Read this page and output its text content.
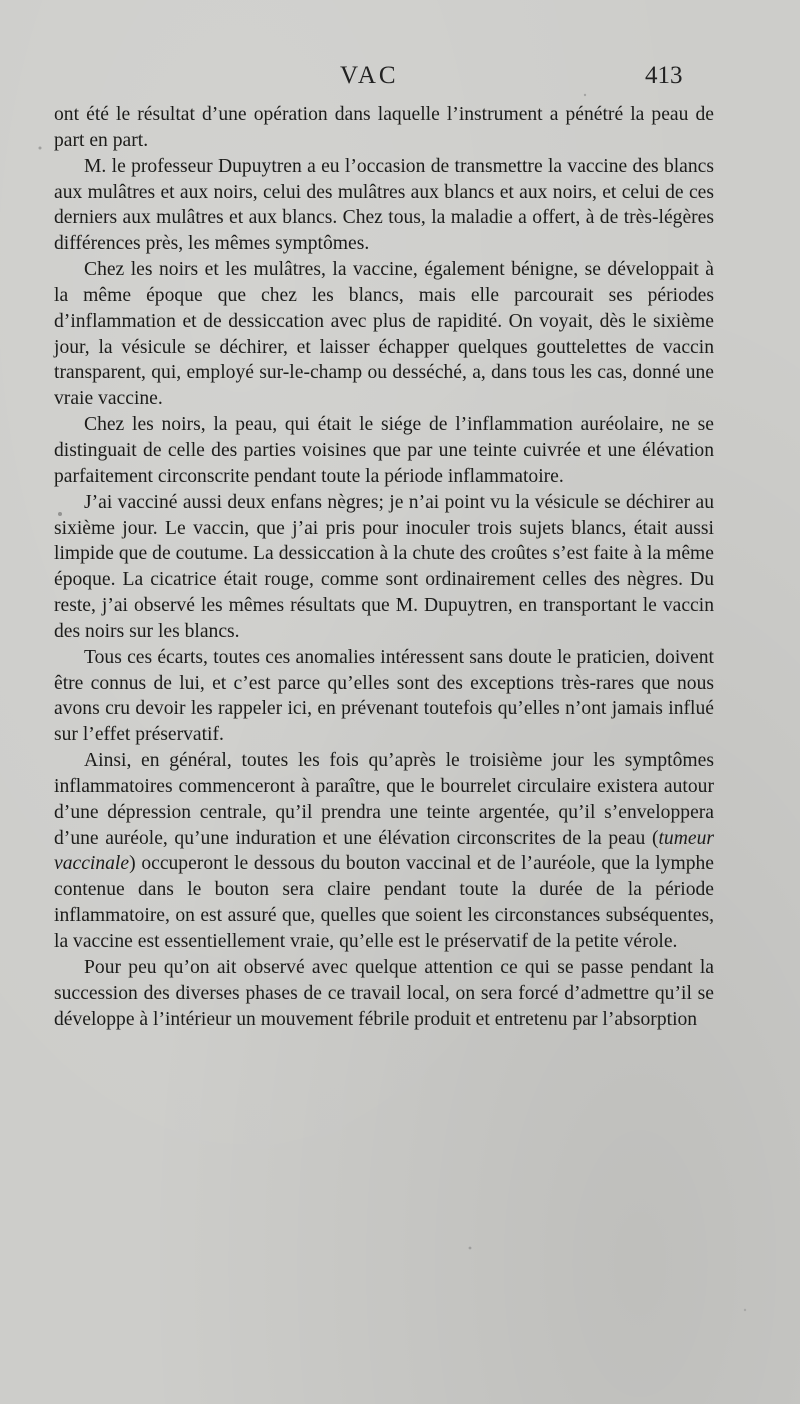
VAC	413

ont été le résultat d’une opération dans laquelle l’instrument a pénétré la peau de part en part.

M. le professeur Dupuytren a eu l’occasion de transmettre la vaccine des blancs aux mulâtres et aux noirs, celui des mulâtres aux blancs et aux noirs, et celui de ces derniers aux mulâtres et aux blancs. Chez tous, la maladie a offert, à de très-légères différences près, les mêmes symptômes.

Chez les noirs et les mulâtres, la vaccine, également bénigne, se développait à la même époque que chez les blancs, mais elle parcourait ses périodes d’inflammation et de dessiccation avec plus de rapidité. On voyait, dès le sixième jour, la vésicule se déchirer, et laisser échapper quelques gouttelettes de vaccin transparent, qui, employé sur-le-champ ou desséché, a, dans tous les cas, donné une vraie vaccine.

Chez les noirs, la peau, qui était le siége de l’inflammation auréolaire, ne se distinguait de celle des parties voisines que par une teinte cuivrée et une élévation parfaitement circonscrite pendant toute la période inflammatoire.

J’ai vacciné aussi deux enfans nègres; je n’ai point vu la vésicule se déchirer au sixième jour. Le vaccin, que j’ai pris pour inoculer trois sujets blancs, était aussi limpide que de coutume. La dessiccation à la chute des croûtes s’est faite à la même époque. La cicatrice était rouge, comme sont ordinairement celles des nègres. Du reste, j’ai observé les mêmes résultats que M. Dupuytren, en transportant le vaccin des noirs sur les blancs.

Tous ces écarts, toutes ces anomalies intéressent sans doute le praticien, doivent être connus de lui, et c’est parce qu’elles sont des exceptions très-rares que nous avons cru devoir les rappeler ici, en prévenant toutefois qu’elles n’ont jamais influé sur l’effet préservatif.

Ainsi, en général, toutes les fois qu’après le troisième jour les symptômes inflammatoires commenceront à paraître, que le bourrelet circulaire existera autour d’une dépression centrale, qu’il prendra une teinte argentée, qu’il s’enveloppera d’une auréole, qu’une induration et une élévation circonscrites de la peau (tumeur vaccinale) occuperont le dessous du bouton vaccinal et de l’auréole, que la lymphe contenue dans le bouton sera claire pendant toute la durée de la période inflammatoire, on est assuré que, quelles que soient les circonstances subséquentes, la vaccine est essentiellement vraie, qu’elle est le préservatif de la petite vérole.

Pour peu qu’on ait observé avec quelque attention ce qui se passe pendant la succession des diverses phases de ce travail local, on sera forcé d’admettre qu’il se développe à l’intérieur un mouvement fébrile produit et entretenu par l’absorption
